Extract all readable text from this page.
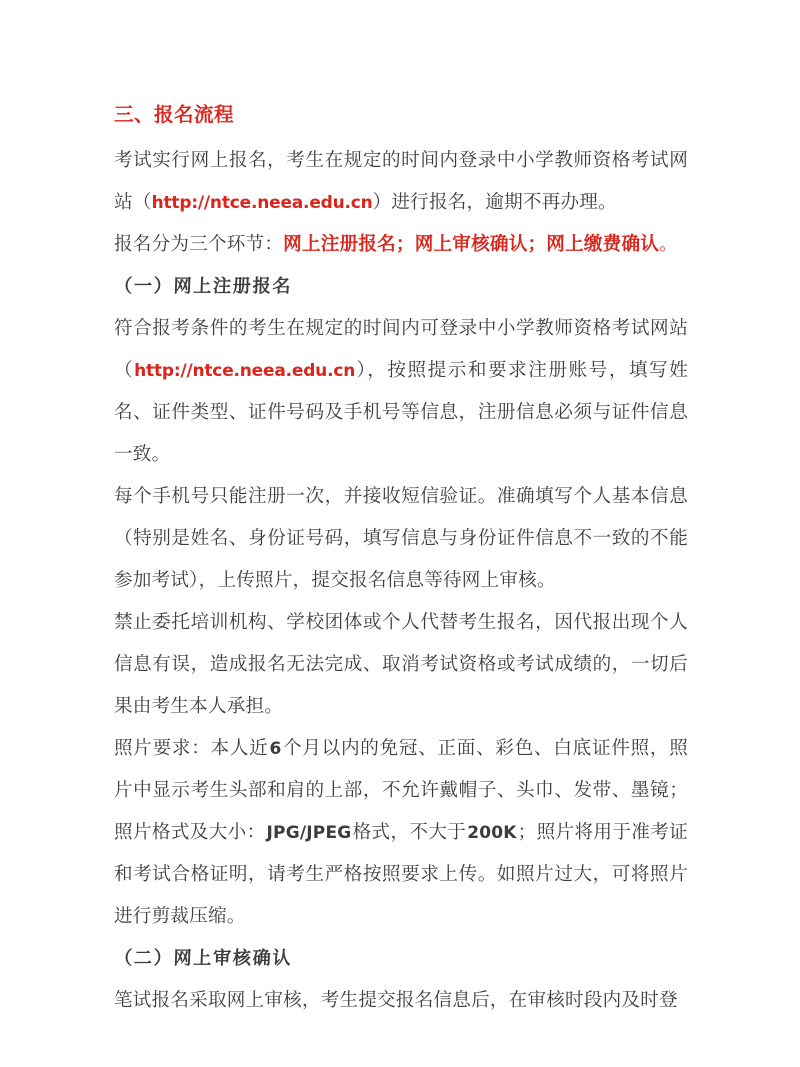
三、报名流程

考试实行网上报名，考生在规定的时间内登录中小学教师资格考试网站（http://ntce.neea.edu.cn）进行报名，逾期不再办理。

报名分为三个环节：网上注册报名；网上审核确认；网上缴费确认。

（一）网上注册报名

符合报考条件的考生在规定的时间内可登录中小学教师资格考试网站（http://ntce.neea.edu.cn），按照提示和要求注册账号，填写姓名、证件类型、证件号码及手机号等信息，注册信息必须与证件信息一致。

每个手机号只能注册一次，并接收短信验证。准确填写个人基本信息（特别是姓名、身份证号码，填写信息与身份证件信息不一致的不能参加考试），上传照片，提交报名信息等待网上审核。

禁止委托培训机构、学校团体或个人代替考生报名，因代报出现个人信息有误，造成报名无法完成、取消考试资格或考试成绩的，一切后果由考生本人承担。

照片要求：本人近6个月以内的免冠、正面、彩色、白底证件照，照片中显示考生头部和肩的上部，不允许戴帽子、头巾、发带、墨镜；照片格式及大小：JPG/JPEG格式，不大于200K；照片将用于准考证和考试合格证明，请考生严格按照要求上传。如照片过大，可将照片进行剪裁压缩。

（二）网上审核确认

笔试报名采取网上审核，考生提交报名信息后，在审核时段内及时登
